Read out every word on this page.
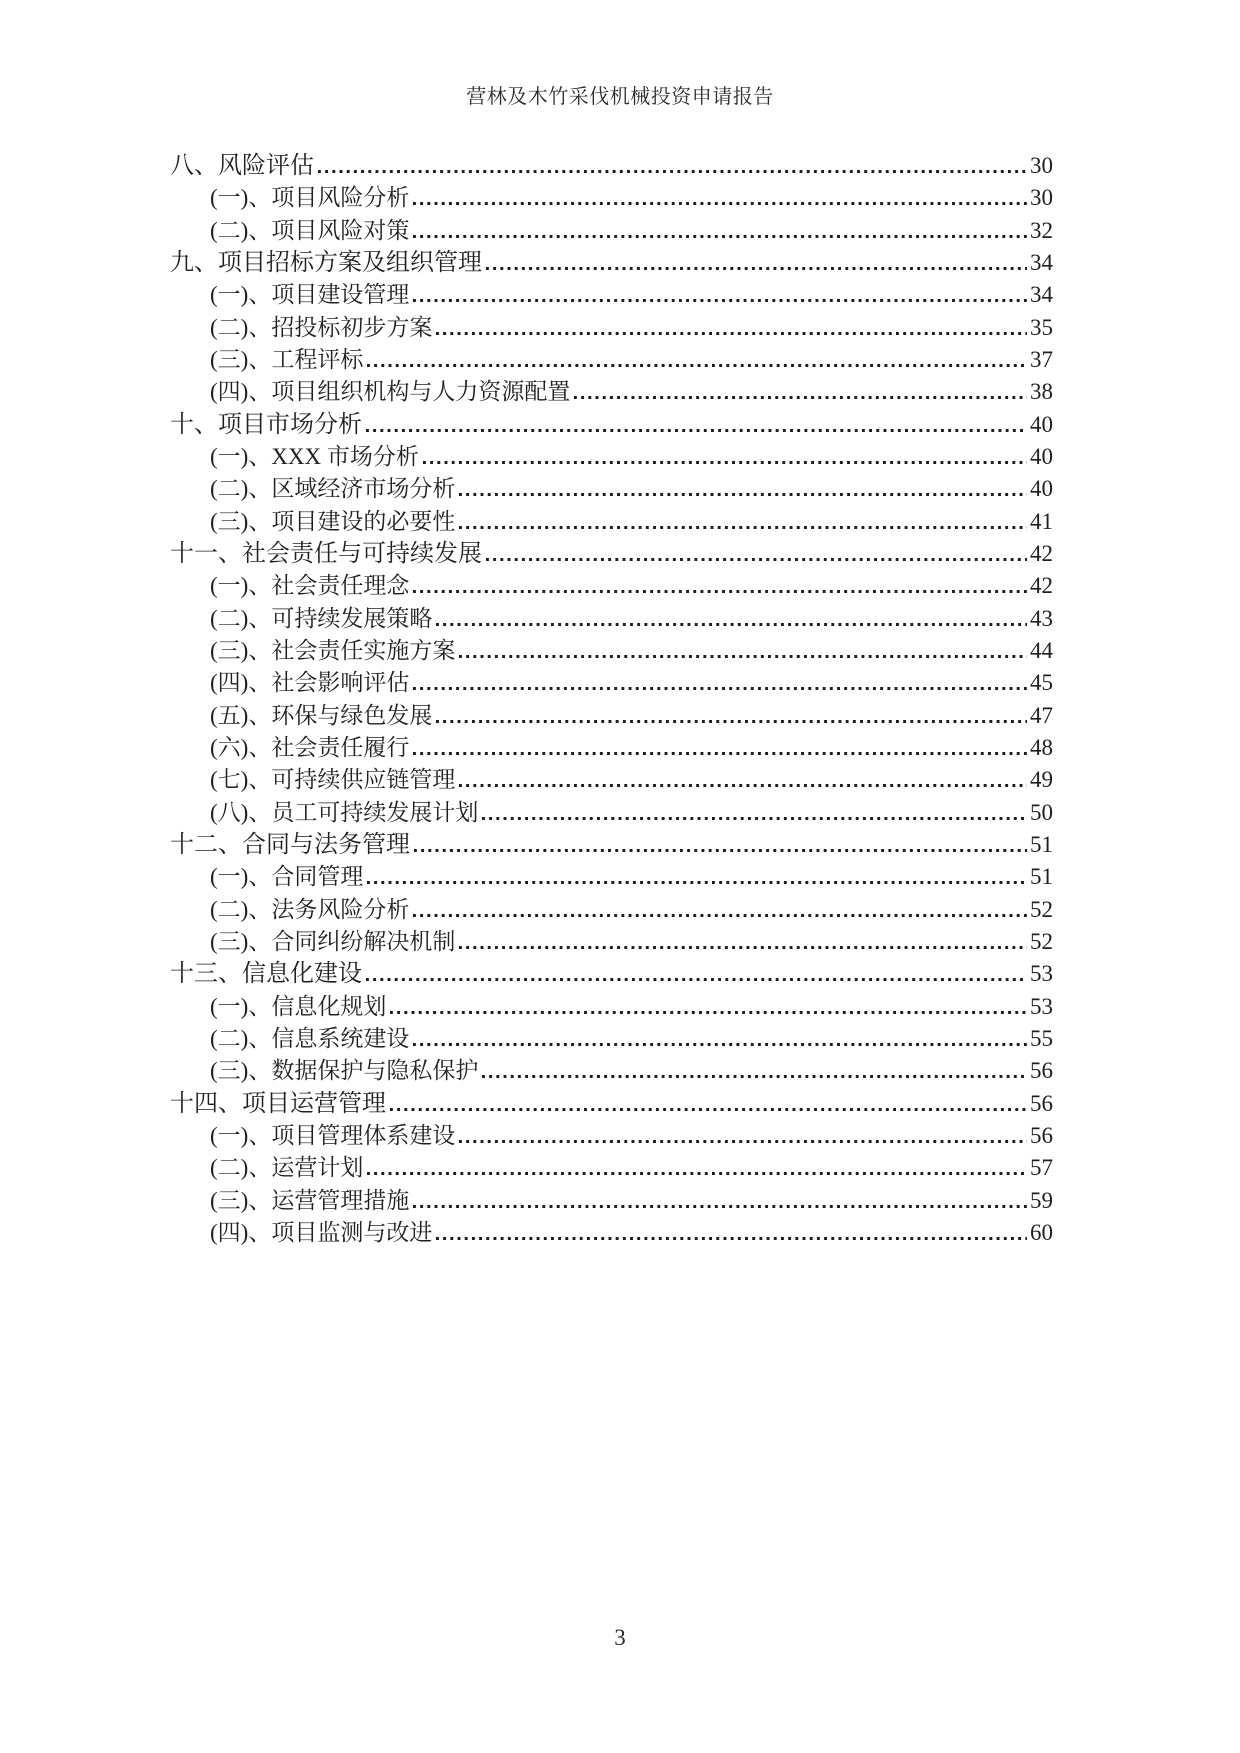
营林及木竹采伐机械投资申请报告
八、风险评估	30
(一)、项目风险分析	30
(二)、项目风险对策	32
九、项目招标方案及组织管理	34
(一)、项目建设管理	34
(二)、招投标初步方案	35
(三)、工程评标	37
(四)、项目组织机构与人力资源配置	38
十、项目市场分析	40
(一)、XXX 市场分析	40
(二)、区域经济市场分析	40
(三)、项目建设的必要性	41
十一、社会责任与可持续发展	42
(一)、社会责任理念	42
(二)、可持续发展策略	43
(三)、社会责任实施方案	44
(四)、社会影响评估	45
(五)、环保与绿色发展	47
(六)、社会责任履行	48
(七)、可持续供应链管理	49
(八)、员工可持续发展计划	50
十二、合同与法务管理	51
(一)、合同管理	51
(二)、法务风险分析	52
(三)、合同纠纷解决机制	52
十三、信息化建设	53
(一)、信息化规划	53
(二)、信息系统建设	55
(三)、数据保护与隐私保护	56
十四、项目运营管理	56
(一)、项目管理体系建设	56
(二)、运营计划	57
(三)、运营管理措施	59
(四)、项目监测与改进	60
3
